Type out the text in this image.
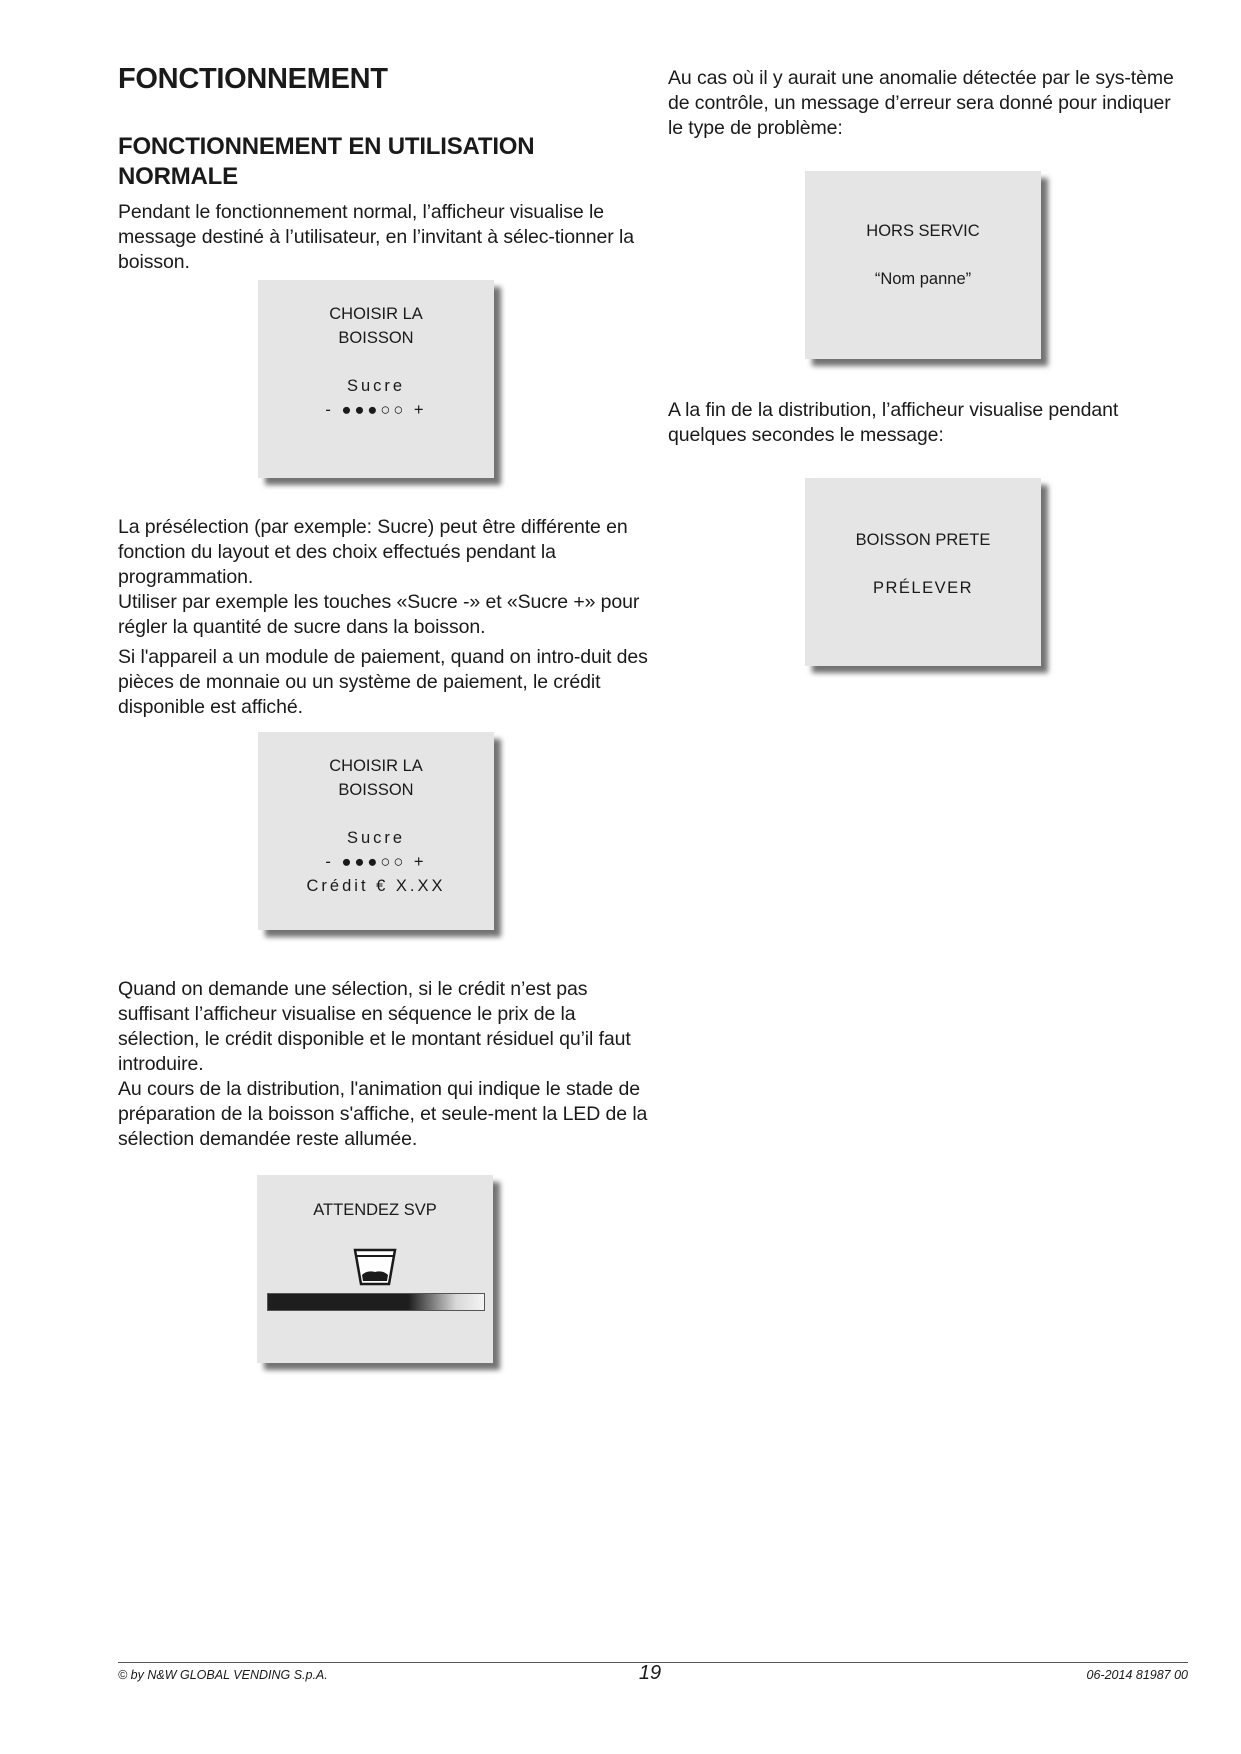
FONCTIONNEMENT
FONCTIONNEMENT EN UTILISATION NORMALE

Pendant le fonctionnement normal, l’afficheur visualise le message destiné à l’utilisateur, en l’invitant à sélec-tionner la boisson.

CHOISIR LA
BOISSON
Sucre
- ●●●○○ +

La présélection (par exemple: Sucre) peut être différente en fonction du layout et des choix effectués pendant la programmation.

Utiliser par exemple les touches «Sucre -» et «Sucre +» pour régler la quantité de sucre dans la boisson.

Si l'appareil a un module de paiement, quand on intro-duit des pièces de monnaie ou un système de paiement, le crédit disponible est affiché.

CHOISIR LA
BOISSON
Sucre
- ●●●○○ +
Crédit € X.XX

Quand on demande une sélection, si le crédit n’est pas suffisant l’afficheur visualise en séquence le prix de la sélection, le crédit disponible et le montant résiduel qu’il faut introduire.

Au cours de la distribution, l'animation qui indique le stade de préparation de la boisson s'affiche, et seule-ment la LED de la sélection demandée reste allumée.

ATTENDEZ SVP

Au cas où il y aurait une anomalie détectée par le sys-tème de contrôle, un message d’erreur sera donné pour indiquer le type de problème:

HORS SERVIC
“Nom panne”

A la fin de la distribution, l’afficheur visualise pendant quelques secondes le message:

BOISSON PRETE
PRÉLEVER
© by N&W GLOBAL VENDING S.p.A.	19	06-2014 81987 00
